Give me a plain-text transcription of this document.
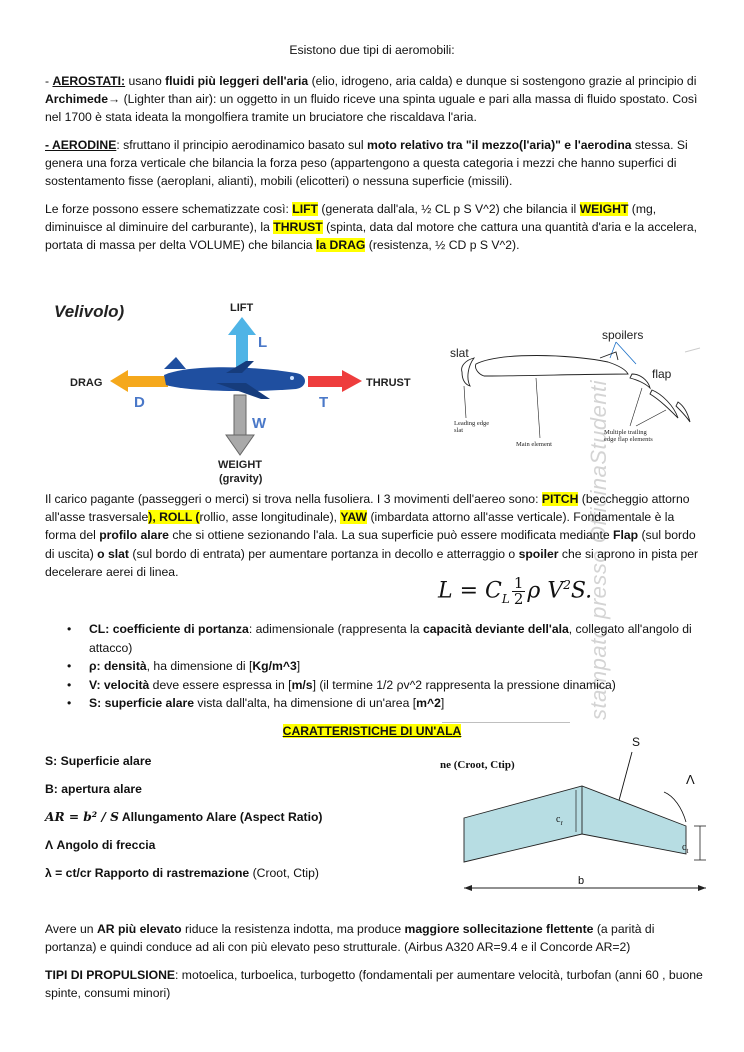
stampato presso OfficinaStudenti
Esistono due tipi di aeromobili:

- AEROSTATI: usano fluidi più leggeri dell'aria (elio, idrogeno, aria calda) e dunque si sostengono grazie al principio di Archimede→ (Lighter than air): un oggetto in un fluido riceve una spinta uguale e pari alla massa di fluido spostato. Così nel 1700 è stata ideata la mongolfiera tramite un bruciatore che riscaldava l'aria.

- AERODINE: sfruttano il principio aerodinamico basato sul moto relativo tra "il mezzo(l'aria)" e l'aerodina stessa. Si genera una forza verticale che bilancia la forza peso (appartengono a questa categoria i mezzi che hanno superfici di sostentamento fisse (aeroplani, alianti), mobili (elicotteri) o nessuna superficie (missili).

Le forze possono essere schematizzate così: LIFT (generata dall'ala, ½ CL p S V^2) che bilancia il WEIGHT (mg, diminuisce al diminuire del carburante), la THRUST (spinta, data dal motore che cattura una quantità d'aria e la accelera, portata di massa per delta VOLUME) che bilancia la DRAG (resistenza, ½ CD p S V^2).

Velivolo)	LIFT
L
DRAG
D
THRUST
T
W
WEIGHT
(gravity)
slat
spoilers
flap
Leading edge
slat
Main element
Multiple trailing
edge flap elements

Il carico pagante (passeggeri o merci) si trova nella fusoliera. I 3 movimenti dell'aereo sono: PITCH (beccheggio attorno all'asse trasversale), ROLL (rollio, asse longitudinale), YAW (imbardata attorno all'asse verticale). Fondamentale è la forma del profilo alare che si ottiene sezionando l'ala. La sua superficie può essere modificata mediante Flap (sul bordo di uscita) o slat (sul bordo di entrata) per aumentare portanza in decollo e atterraggio o spoiler che si aprono in pista per decelerare aerei di linea.

$L = C_L \frac{1}{2}$ ρ $V^2S$.
• CL: coefficiente di portanza: adimensionale (rappresenta la capacità deviante dell'ala, collegato all'angolo di attacco)
• ρ: densità, ha dimensione di [Kg/m^3]
• V: velocità deve essere espressa in [m/s] (il termine 1/2 ρv^2 rappresenta la pressione dinamica)
• S: superficie alare vista dall'alta, ha dimensione di un'area [m^2]
CARATTERISTICHE DI UN'ALA

S: Superficie alare

B: apertura alare

AR = b² / S Allungamento Alare (Aspect Ratio)

Λ Angolo di freccia

λ = ct/cr Rapporto di rastremazione (Croot, Ctip)

ne (Croot, Ctip)
S
Λ
$c_r$
$c_t$
b

Avere un AR più elevato riduce la resistenza indotta, ma produce maggiore sollecitazione flettente (a parità di portanza) e quindi conduce ad ali con più elevato peso strutturale. (Airbus A320 AR=9.4 e il Concorde AR=2)

TIPI DI PROPULSIONE: motoelica, turboelica, turbogetto (fondamentali per aumentare velocità, turbofan (anni 60 , buone spinte, consumi minori)
